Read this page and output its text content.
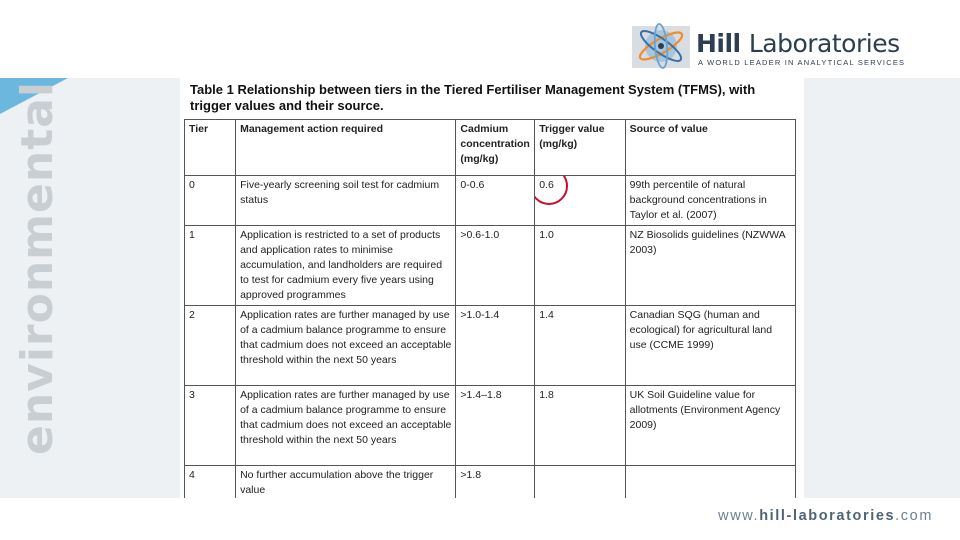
environmental
Hill Laboratories
A WORLD LEADER IN ANALYTICAL SERVICES
Table 1 Relationship between tiers in the Tiered Fertiliser Management System (TFMS), with trigger values and their source.
Tier	Management action required	Cadmium concentration (mg/kg)	Trigger value (mg/kg)	Source of value
0	Five-yearly screening soil test for cadmium status	0-0.6	0.6	99th percentile of natural background concentrations in Taylor et al. (2007)
1	Application is restricted to a set of products and application rates to minimise accumulation, and landholders are required to test for cadmium every five years using approved programmes	>0.6-1.0	1.0	NZ Biosolids guidelines (NZWWA 2003)
2	Application rates are further managed by use of a cadmium balance programme to ensure that cadmium does not exceed an acceptable threshold within the next 50 years	>1.0-1.4	1.4	Canadian SQG (human and ecological) for agricultural land use (CCME 1999)
3	Application rates are further managed by use of a cadmium balance programme to ensure that cadmium does not exceed an acceptable threshold within the next 50 years	>1.4–1.8	1.8	UK Soil Guideline value for allotments (Environment Agency 2009)
4	No further accumulation above the trigger value	>1.8		
www.hill-laboratories.com
